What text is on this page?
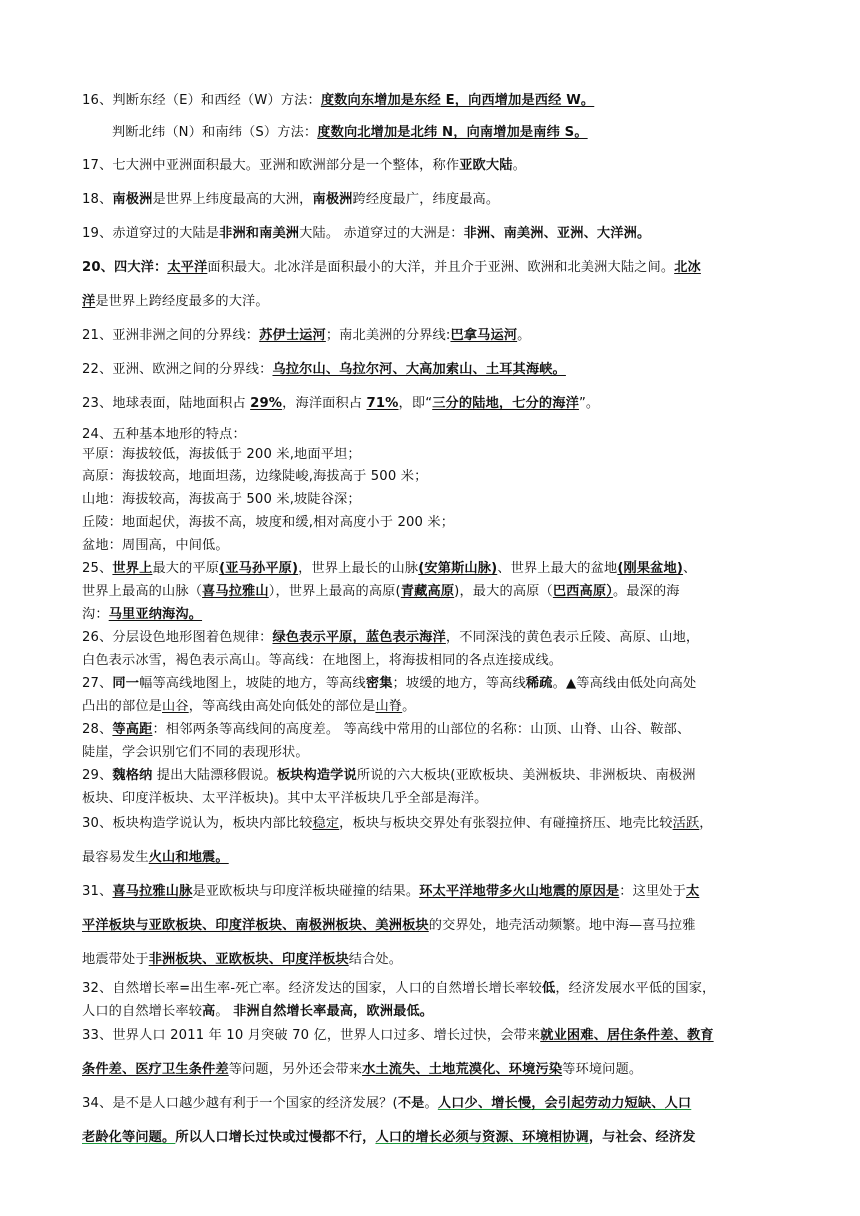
16、判断东经（E）和西经（W）方法：度数向东增加是东经 E，向西增加是西经 W。
判断北纬（N）和南纬（S）方法：度数向北增加是北纬 N，向南增加是南纬 S。
17、七大洲中亚洲面积最大。亚洲和欧洲部分是一个整体，称作亚欧大陆。
18、南极洲是世界上纬度最高的大洲，南极洲跨经度最广，纬度最高。
19、赤道穿过的大陆是非洲和南美洲大陆。 赤道穿过的大洲是：非洲、南美洲、亚洲、大洋洲。
20、四大洋：太平洋面积最大。北冰洋是面积最小的大洋，并且介于亚洲、欧洲和北美洲大陆之间。北冰
洋是世界上跨经度最多的大洋。
21、亚洲非洲之间的分界线：苏伊士运河；南北美洲的分界线:巴拿马运河。
22、亚洲、欧洲之间的分界线：乌拉尔山、乌拉尔河、大高加索山、土耳其海峡。
23、地球表面，陆地面积占 29%，海洋面积占 71%，即“三分的陆地，七分的海洋”。
24、五种基本地形的特点：
平原：海拔较低，海拔低于 200 米,地面平坦；
高原：海拔较高，地面坦荡，边缘陡峻,海拔高于 500 米；
山地：海拔较高，海拔高于 500 米,坡陡谷深；
丘陵：地面起伏，海拔不高，坡度和缓,相对高度小于 200 米；
盆地：周围高，中间低。
25、世界上最大的平原(亚马孙平原)，世界上最长的山脉(安第斯山脉)、世界上最大的盆地(刚果盆地)、
世界上最高的山脉（喜马拉雅山），世界上最高的高原(青藏高原)，最大的高原（巴西高原）。最深的海
沟：马里亚纳海沟。
26、分层设色地形图着色规律：绿色表示平原，蓝色表示海洋，不同深浅的黄色表示丘陵、高原、山地，
白色表示冰雪，褐色表示高山。等高线：在地图上，将海拔相同的各点连接成线。
27、同一幅等高线地图上，坡陡的地方，等高线密集；坡缓的地方，等高线稀疏。▲等高线由低处向高处
凸出的部位是山谷，等高线由高处向低处的部位是山脊。
28、等高距：相邻两条等高线间的高度差。 等高线中常用的山部位的名称：山顶、山脊、山谷、鞍部、
陡崖，学会识别它们不同的表现形状。
29、魏格纳 提出大陆漂移假说。板块构造学说所说的六大板块(亚欧板块、美洲板块、非洲板块、南极洲
板块、印度洋板块、太平洋板块)。其中太平洋板块几乎全部是海洋。
30、板块构造学说认为，板块内部比较稳定，板块与板块交界处有张裂拉伸、有碰撞挤压、地壳比较活跃，
最容易发生火山和地震。
31、喜马拉雅山脉是亚欧板块与印度洋板块碰撞的结果。环太平洋地带多火山地震的原因是：这里处于太
平洋板块与亚欧板块、印度洋板块、南极洲板块、美洲板块的交界处，地壳活动频繁。地中海—喜马拉雅
地震带处于非洲板块、亚欧板块、印度洋板块结合处。
32、自然增长率=出生率-死亡率。经济发达的国家，人口的自然增长增长率较低，经济发展水平低的国家，
人口的自然增长率较高。 非洲自然增长率最高，欧洲最低。
33、世界人口 2011 年 10 月突破 70 亿，世界人口过多、增长过快，会带来就业困难、居住条件差、教育
条件差、医疗卫生条件差等问题，另外还会带来水土流失、土地荒漠化、环境污染等环境问题。
34、是不是人口越少越有利于一个国家的经济发展？(不是。人口少、增长慢，会引起劳动力短缺、人口
老龄化等问题。所以人口增长过快或过慢都不行，人口的增长必须与资源、环境相协调，与社会、经济发
